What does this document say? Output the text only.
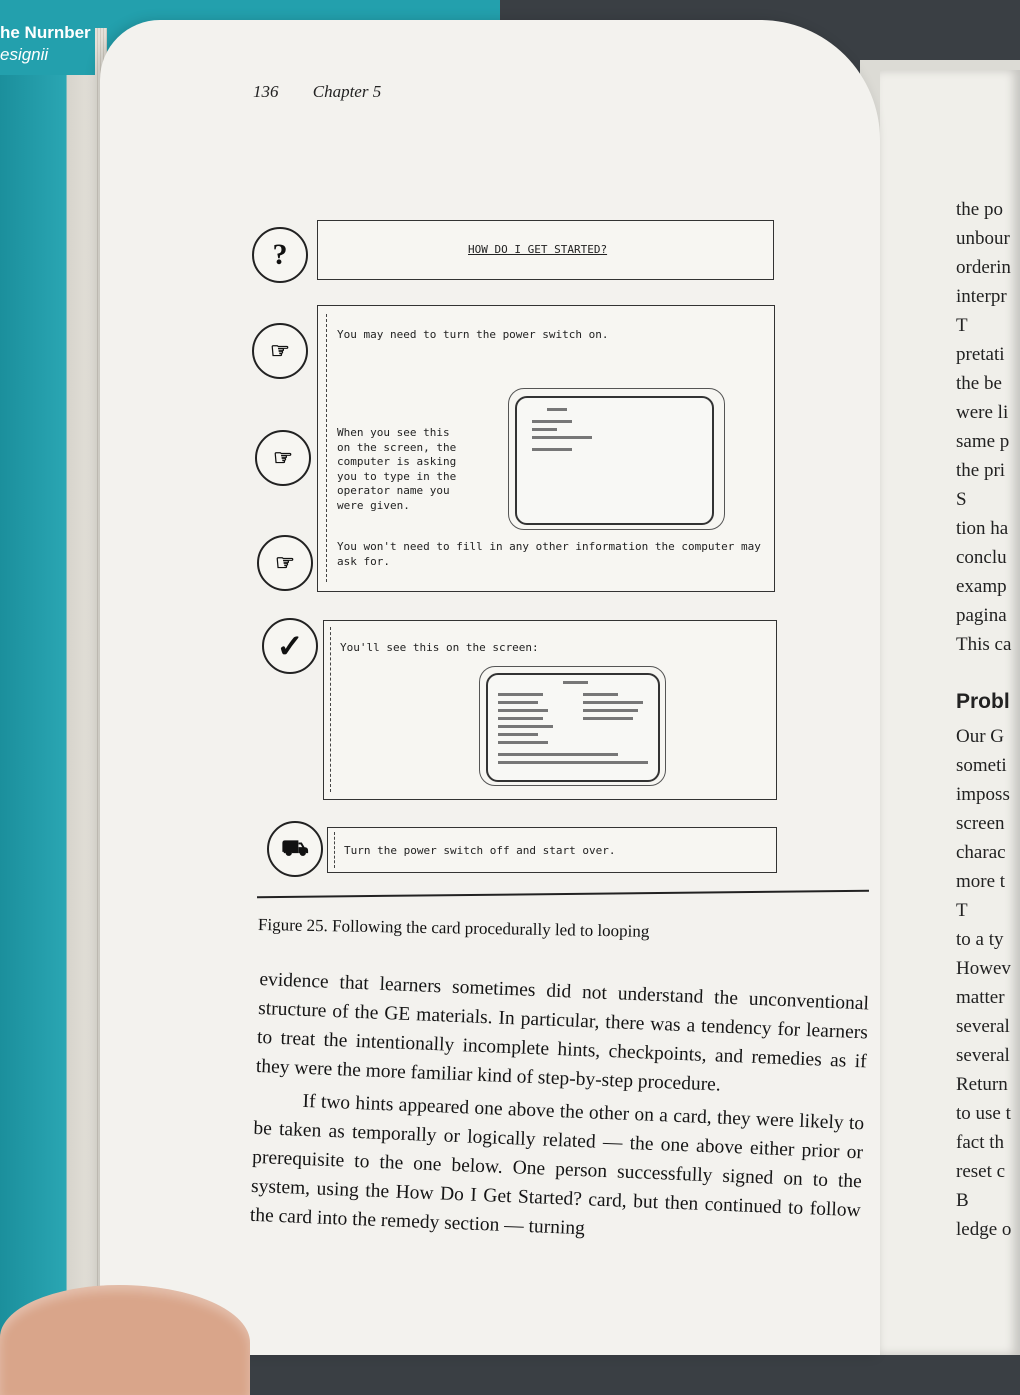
he Nurnber
esignii
the po
unbour
orderin
interpr
T
pretati
the be
were li
same p
the pri
S
tion ha
conclu
examp
pagina
This ca
Probl
Our G
someti
imposs
screen
charac
more t
T
to a ty
Howev
matter
several
several
Return
to use t
fact th
reset c
B
ledge o
136 Chapter 5
?	HOW DO I GET STARTED?
You may need to turn the power switch on.
When you see this on the screen, the computer is asking you to type in the operator name you were given.
You won't need to fill in any other information the computer may ask for.
☞
☞
☞
You'll see this on the screen:
✓
Turn the power switch off and start over.
⛟
Figure 25. Following the card procedurally led to looping

evidence that learners sometimes did not understand the unconventional structure of the GE materials. In particular, there was a tendency for learners to treat the intentionally incomplete hints, checkpoints, and remedies as if they were the more familiar kind of step-by-step procedure.

If two hints appeared one above the other on a card, they were likely to be taken as temporally or logically related — the one above either prior or prerequisite to the one below. One person successfully signed on to the system, using the How Do I Get Started? card, but then continued to follow the card into the remedy section — turning
